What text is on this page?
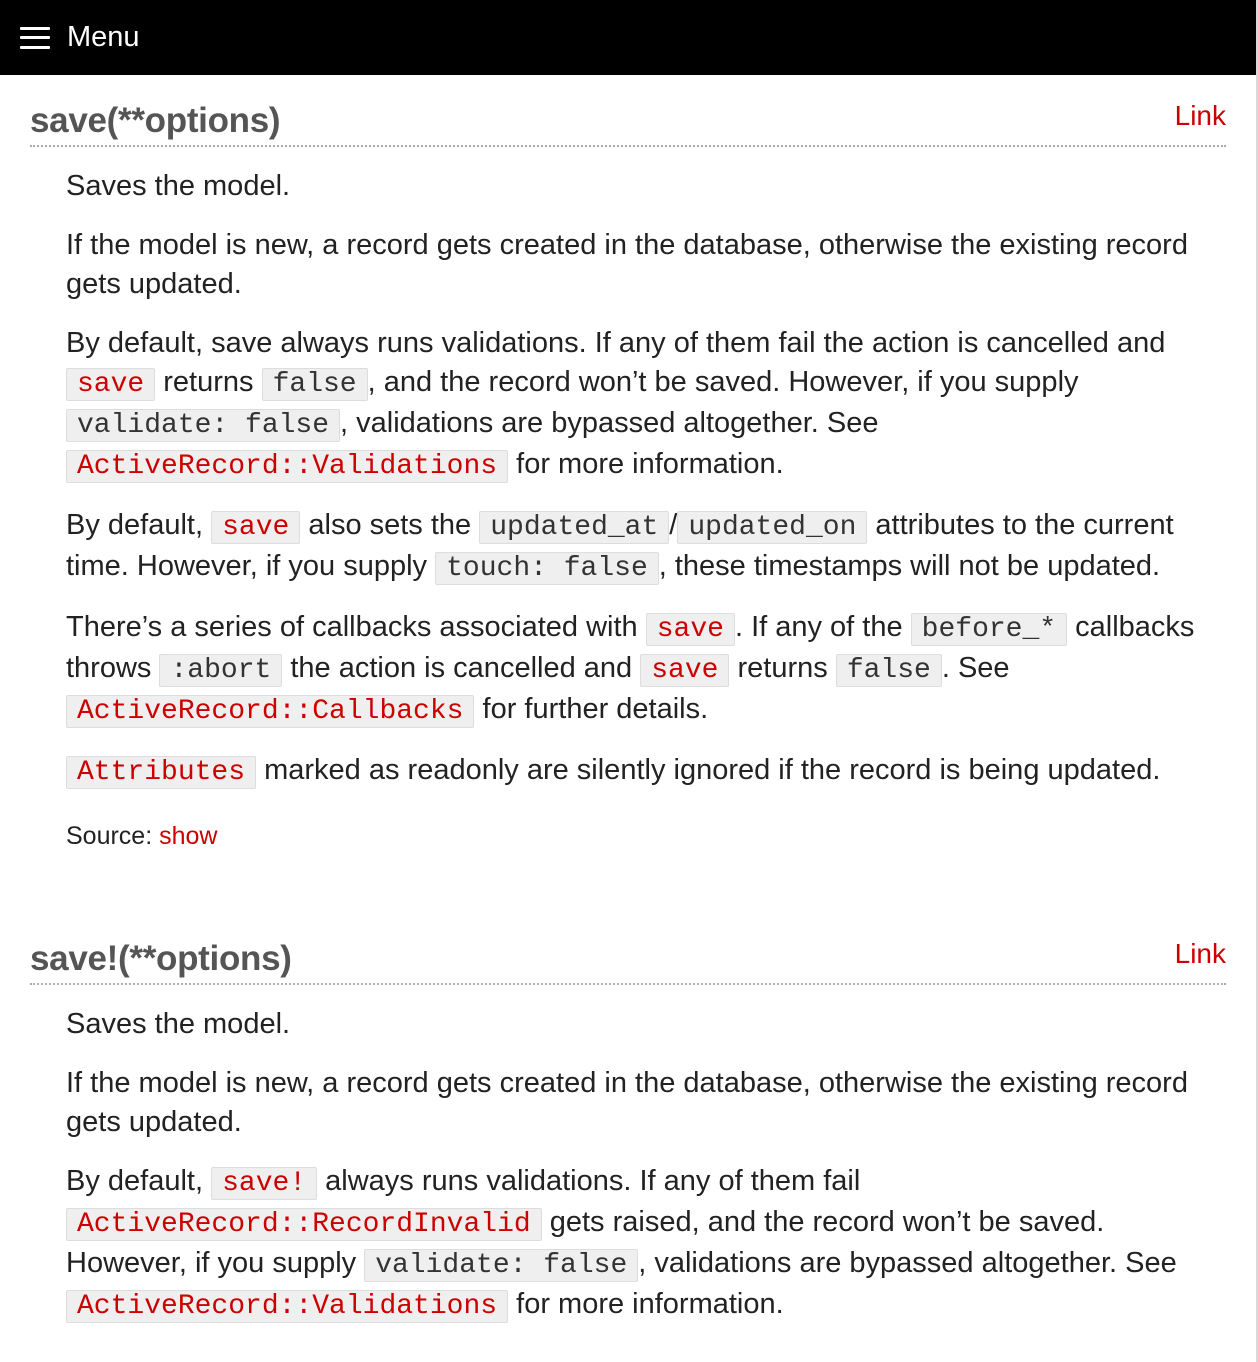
Menu
save(**options)	Link

Saves the model.

If the model is new, a record gets created in the database, otherwise the existing record gets updated.

By default, save always runs validations. If any of them fail the action is cancelled and save returns false , and the record won’t be saved. However, if you supply validate: false , validations are bypassed altogether. See ActiveRecord::Validations for more information.

By default, save also sets the updated_at / updated_on attributes to the current time. However, if you supply touch: false , these timestamps will not be updated.

There’s a series of callbacks associated with save . If any of the before_* callbacks throws :abort the action is cancelled and save returns false . See ActiveRecord::Callbacks for further details.

Attributes marked as readonly are silently ignored if the record is being updated.

Source: show
save!(**options)	Link

Saves the model.

If the model is new, a record gets created in the database, otherwise the existing record gets updated.

By default, save! always runs validations. If any of them fail ActiveRecord::RecordInvalid gets raised, and the record won’t be saved. However, if you supply validate: false , validations are bypassed altogether. See ActiveRecord::Validations for more information.
